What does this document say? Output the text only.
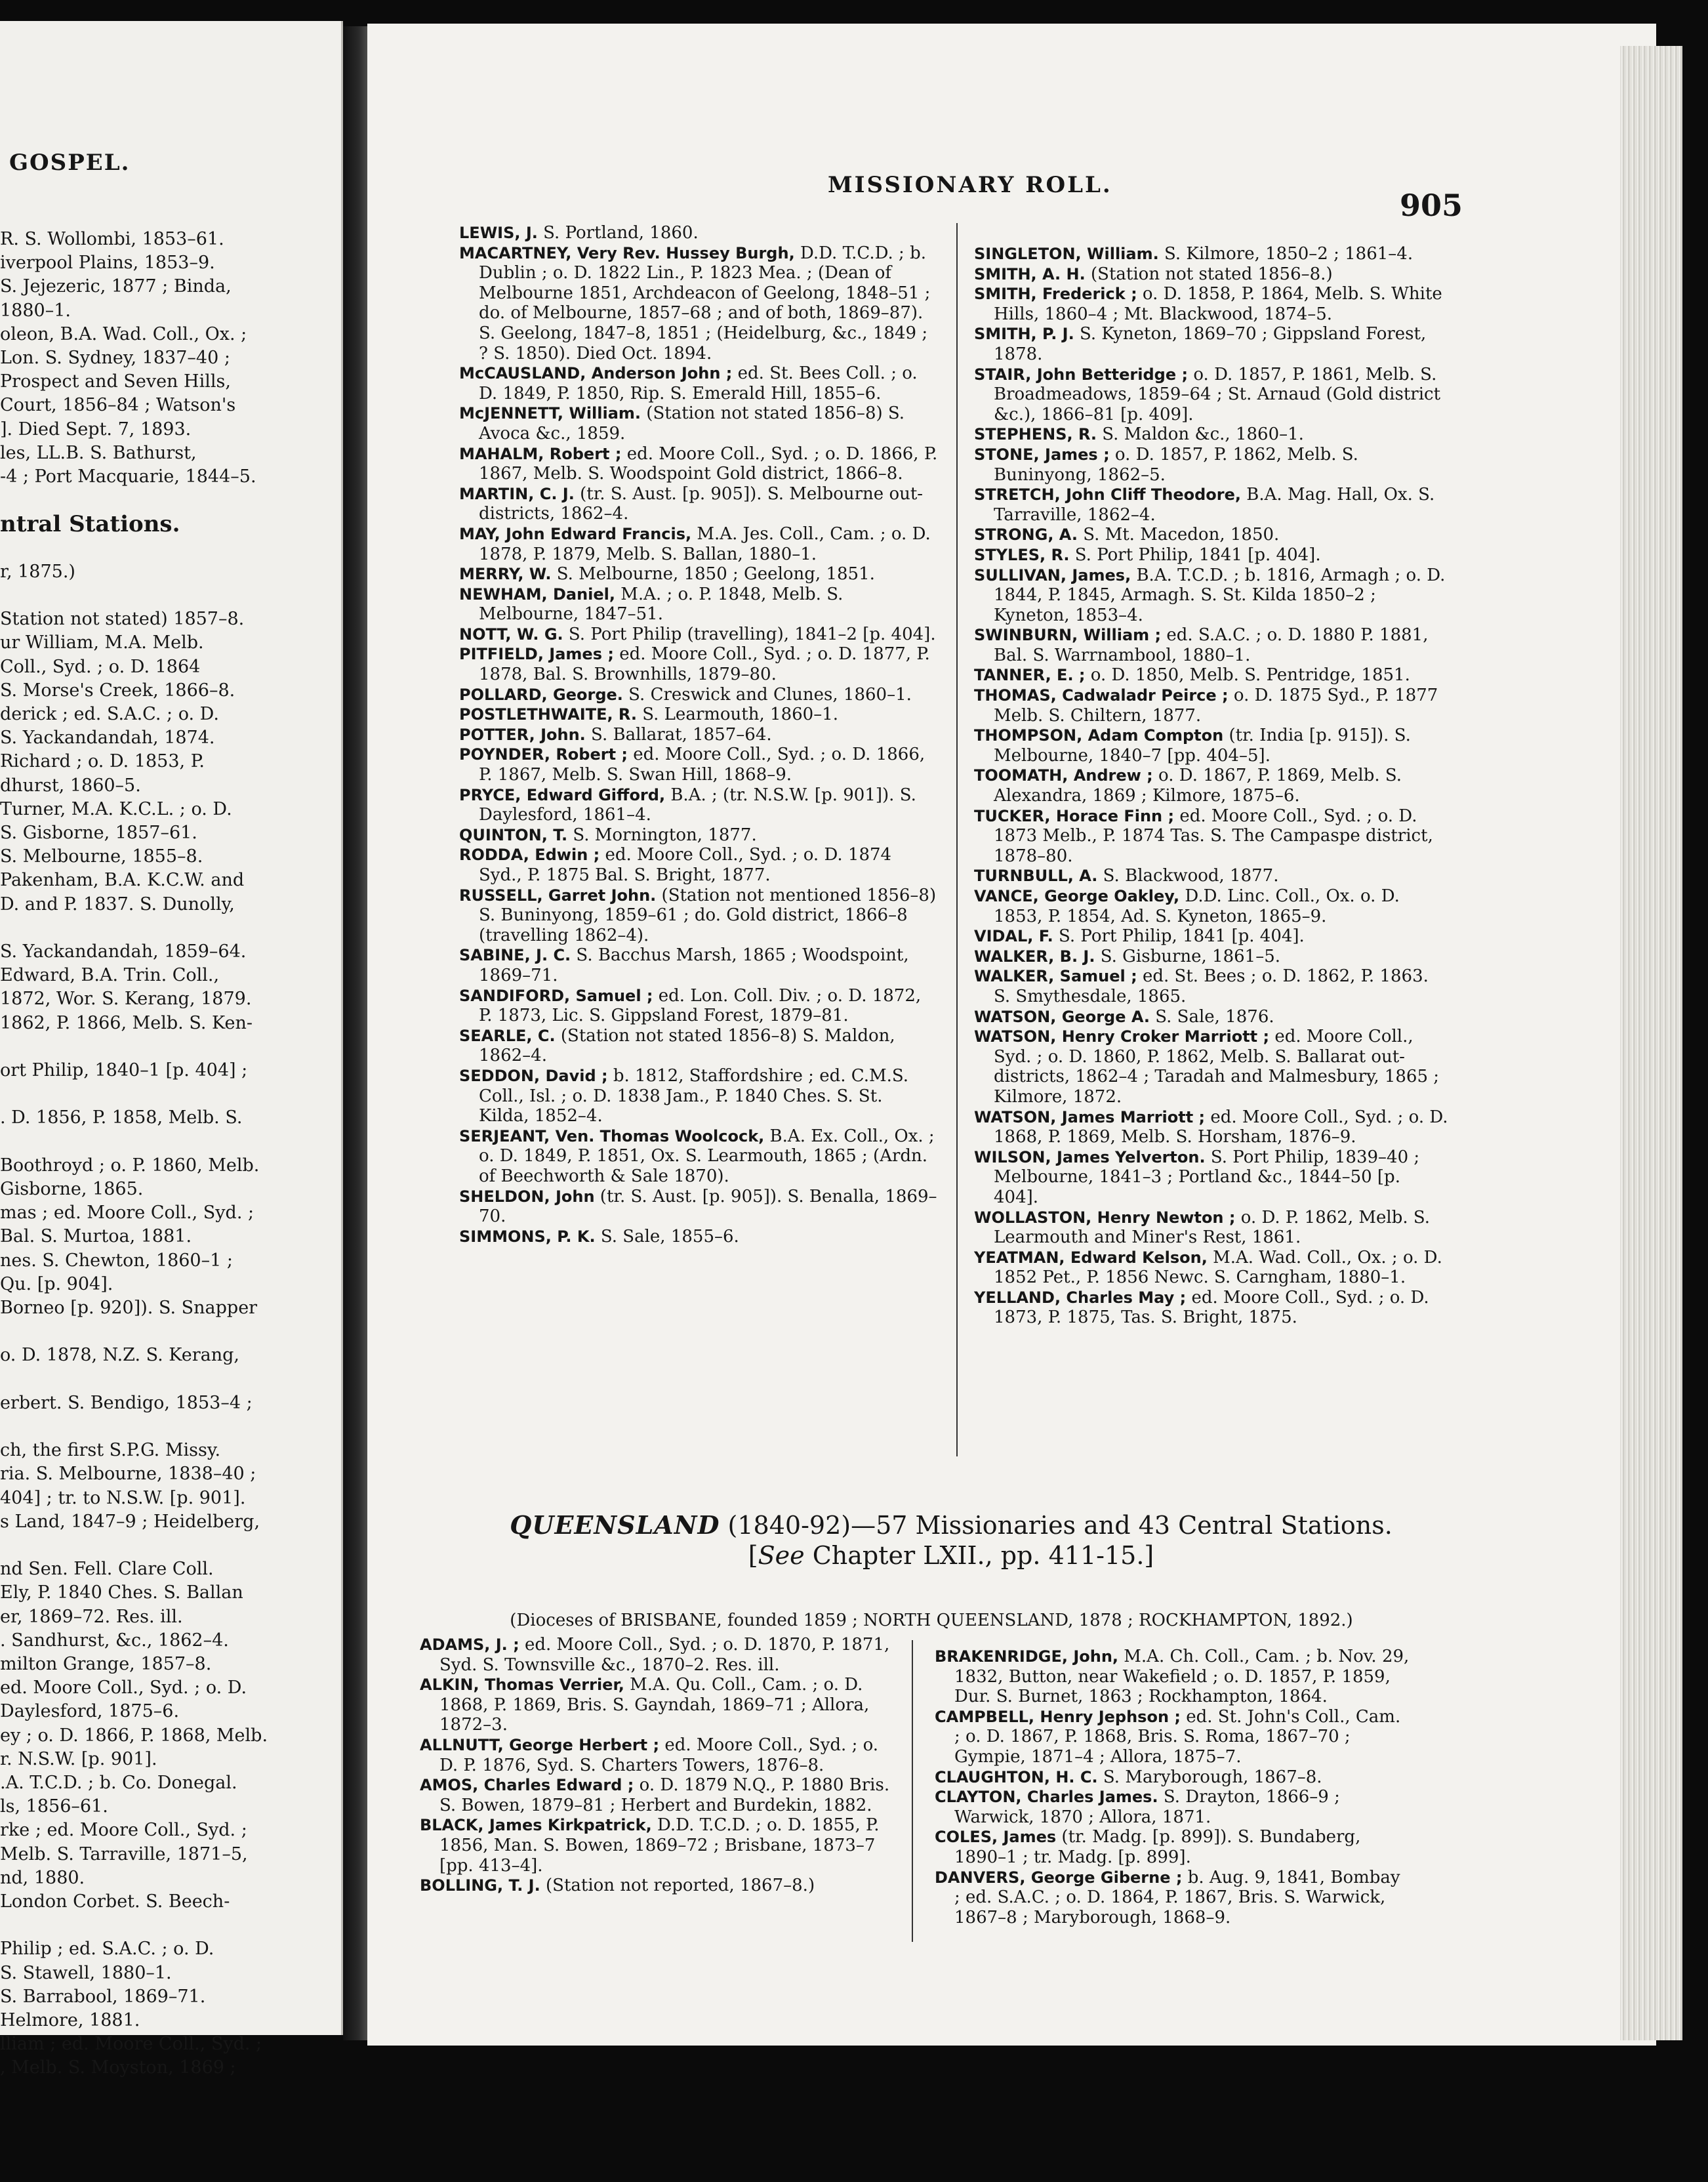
GOSPEL.
R. S. Wollombi, 1853–61.
iverpool Plains, 1853–9.
S. Jejezeric, 1877 ; Binda,
1880–1.
oleon, B.A. Wad. Coll., Ox. ;
Lon. S. Sydney, 1837–40 ;
Prospect and Seven Hills,
Court, 1856–84 ; Watson's
]. Died Sept. 7, 1893.
les, LL.B. S. Bathurst,
-4 ; Port Macquarie, 1844–5.
ntral Stations.
r, 1875.)
Station not stated) 1857–8.
ur William, M.A. Melb.
Coll., Syd. ; o. D. 1864
S. Morse's Creek, 1866–8.
derick ; ed. S.A.C. ; o. D.
S. Yackandandah, 1874.
Richard ; o. D. 1853, P.
dhurst, 1860–5.
Turner, M.A. K.C.L. ; o. D.
S. Gisborne, 1857–61.
S. Melbourne, 1855–8.
Pakenham, B.A. K.C.W. and
D. and P. 1837. S. Dunolly,
S. Yackandandah, 1859–64.
Edward, B.A. Trin. Coll.,
1872, Wor. S. Kerang, 1879.
1862, P. 1866, Melb. S. Ken-
ort Philip, 1840–1 [p. 404] ;
. D. 1856, P. 1858, Melb. S.
Boothroyd ; o. P. 1860, Melb.
Gisborne, 1865.
mas ; ed. Moore Coll., Syd. ;
Bal. S. Murtoa, 1881.
nes. S. Chewton, 1860–1 ;
Qu. [p. 904].
Borneo [p. 920]). S. Snapper
o. D. 1878, N.Z. S. Kerang,
erbert. S. Bendigo, 1853–4 ;
ch, the first S.P.G. Missy.
ria. S. Melbourne, 1838–40 ;
404] ; tr. to N.S.W. [p. 901].
s Land, 1847–9 ; Heidelberg,
nd Sen. Fell. Clare Coll.
Ely, P. 1840 Ches. S. Ballan
er, 1869–72. Res. ill.
. Sandhurst, &c., 1862–4.
milton Grange, 1857–8.
ed. Moore Coll., Syd. ; o. D.
Daylesford, 1875–6.
ey ; o. D. 1866, P. 1868, Melb.
r. N.S.W. [p. 901].
.A. T.C.D. ; b. Co. Donegal.
ls, 1856–61.
rke ; ed. Moore Coll., Syd. ;
Melb. S. Tarraville, 1871–5,
nd, 1880.
London Corbet. S. Beech-
Philip ; ed. S.A.C. ; o. D.
S. Stawell, 1880–1.
S. Barrabool, 1869–71.
Helmore, 1881.
lliam ; ed. Moore Coll., Syd. ;
, Melb. S. Moyston, 1869 ;
MISSIONARY ROLL.
905

LEWIS, J. S. Portland, 1860.

MACARTNEY, Very Rev. Hussey Burgh, D.D. T.C.D. ; b. Dublin ; o. D. 1822 Lin., P. 1823 Mea. ; (Dean of Melbourne 1851, Archdeacon of Geelong, 1848–51 ; do. of Melbourne, 1857–68 ; and of both, 1869–87). S. Geelong, 1847–8, 1851 ; (Heidelburg, &c., 1849 ; ? S. 1850). Died Oct. 1894.

McCAUSLAND, Anderson John ; ed. St. Bees Coll. ; o. D. 1849, P. 1850, Rip. S. Emerald Hill, 1855–6.

McJENNETT, William. (Station not stated 1856–8) S. Avoca &c., 1859.

MAHALM, Robert ; ed. Moore Coll., Syd. ; o. D. 1866, P. 1867, Melb. S. Woodspoint Gold district, 1866–8.

MARTIN, C. J. (tr. S. Aust. [p. 905]). S. Melbourne out-districts, 1862–4.

MAY, John Edward Francis, M.A. Jes. Coll., Cam. ; o. D. 1878, P. 1879, Melb. S. Ballan, 1880–1.

MERRY, W. S. Melbourne, 1850 ; Geelong, 1851.

NEWHAM, Daniel, M.A. ; o. P. 1848, Melb. S. Melbourne, 1847–51.

NOTT, W. G. S. Port Philip (travelling), 1841–2 [p. 404].

PITFIELD, James ; ed. Moore Coll., Syd. ; o. D. 1877, P. 1878, Bal. S. Brownhills, 1879–80.

POLLARD, George. S. Creswick and Clunes, 1860–1.

POSTLETHWAITE, R. S. Learmouth, 1860–1.

POTTER, John. S. Ballarat, 1857–64.

POYNDER, Robert ; ed. Moore Coll., Syd. ; o. D. 1866, P. 1867, Melb. S. Swan Hill, 1868–9.

PRYCE, Edward Gifford, B.A. ; (tr. N.S.W. [p. 901]). S. Daylesford, 1861–4.

QUINTON, T. S. Mornington, 1877.

RODDA, Edwin ; ed. Moore Coll., Syd. ; o. D. 1874 Syd., P. 1875 Bal. S. Bright, 1877.

RUSSELL, Garret John. (Station not mentioned 1856–8) S. Buninyong, 1859–61 ; do. Gold district, 1866–8 (travelling 1862–4).

SABINE, J. C. S. Bacchus Marsh, 1865 ; Woodspoint, 1869–71.

SANDIFORD, Samuel ; ed. Lon. Coll. Div. ; o. D. 1872, P. 1873, Lic. S. Gippsland Forest, 1879–81.

SEARLE, C. (Station not stated 1856–8) S. Maldon, 1862–4.

SEDDON, David ; b. 1812, Staffordshire ; ed. C.M.S. Coll., Isl. ; o. D. 1838 Jam., P. 1840 Ches. S. St. Kilda, 1852–4.

SERJEANT, Ven. Thomas Woolcock, B.A. Ex. Coll., Ox. ; o. D. 1849, P. 1851, Ox. S. Learmouth, 1865 ; (Ardn. of Beechworth & Sale 1870).

SHELDON, John (tr. S. Aust. [p. 905]). S. Benalla, 1869–70.

SIMMONS, P. K. S. Sale, 1855–6.

SINGLETON, William. S. Kilmore, 1850–2 ; 1861–4.

SMITH, A. H. (Station not stated 1856–8.)

SMITH, Frederick ; o. D. 1858, P. 1864, Melb. S. White Hills, 1860–4 ; Mt. Blackwood, 1874–5.

SMITH, P. J. S. Kyneton, 1869–70 ; Gippsland Forest, 1878.

STAIR, John Betteridge ; o. D. 1857, P. 1861, Melb. S. Broadmeadows, 1859–64 ; St. Arnaud (Gold district &c.), 1866–81 [p. 409].

STEPHENS, R. S. Maldon &c., 1860–1.

STONE, James ; o. D. 1857, P. 1862, Melb. S. Buninyong, 1862–5.

STRETCH, John Cliff Theodore, B.A. Mag. Hall, Ox. S. Tarraville, 1862–4.

STRONG, A. S. Mt. Macedon, 1850.

STYLES, R. S. Port Philip, 1841 [p. 404].

SULLIVAN, James, B.A. T.C.D. ; b. 1816, Armagh ; o. D. 1844, P. 1845, Armagh. S. St. Kilda 1850–2 ; Kyneton, 1853–4.

SWINBURN, William ; ed. S.A.C. ; o. D. 1880 P. 1881, Bal. S. Warrnambool, 1880–1.

TANNER, E. ; o. D. 1850, Melb. S. Pentridge, 1851.

THOMAS, Cadwaladr Peirce ; o. D. 1875 Syd., P. 1877 Melb. S. Chiltern, 1877.

THOMPSON, Adam Compton (tr. India [p. 915]). S. Melbourne, 1840–7 [pp. 404–5].

TOOMATH, Andrew ; o. D. 1867, P. 1869, Melb. S. Alexandra, 1869 ; Kilmore, 1875–6.

TUCKER, Horace Finn ; ed. Moore Coll., Syd. ; o. D. 1873 Melb., P. 1874 Tas. S. The Campaspe district, 1878–80.

TURNBULL, A. S. Blackwood, 1877.

VANCE, George Oakley, D.D. Linc. Coll., Ox. o. D. 1853, P. 1854, Ad. S. Kyneton, 1865–9.

VIDAL, F. S. Port Philip, 1841 [p. 404].

WALKER, B. J. S. Gisburne, 1861–5.

WALKER, Samuel ; ed. St. Bees ; o. D. 1862, P. 1863. S. Smythesdale, 1865.

WATSON, George A. S. Sale, 1876.

WATSON, Henry Croker Marriott ; ed. Moore Coll., Syd. ; o. D. 1860, P. 1862, Melb. S. Ballarat out-districts, 1862–4 ; Taradah and Malmesbury, 1865 ; Kilmore, 1872.

WATSON, James Marriott ; ed. Moore Coll., Syd. ; o. D. 1868, P. 1869, Melb. S. Horsham, 1876–9.

WILSON, James Yelverton. S. Port Philip, 1839–40 ; Melbourne, 1841–3 ; Portland &c., 1844–50 [p. 404].

WOLLASTON, Henry Newton ; o. D. P. 1862, Melb. S. Learmouth and Miner's Rest, 1861.

YEATMAN, Edward Kelson, M.A. Wad. Coll., Ox. ; o. D. 1852 Pet., P. 1856 Newc. S. Carngham, 1880–1.

YELLAND, Charles May ; ed. Moore Coll., Syd. ; o. D. 1873, P. 1875, Tas. S. Bright, 1875.

QUEENSLAND (1840-92)—57 Missionaries and 43 Central Stations.
[See Chapter LXII., pp. 411-15.]
(Dioceses of BRISBANE, founded 1859 ; NORTH QUEENSLAND, 1878 ; ROCKHAMPTON, 1892.)

ADAMS, J. ; ed. Moore Coll., Syd. ; o. D. 1870, P. 1871, Syd. S. Townsville &c., 1870–2. Res. ill.

ALKIN, Thomas Verrier, M.A. Qu. Coll., Cam. ; o. D. 1868, P. 1869, Bris. S. Gayndah, 1869–71 ; Allora, 1872–3.

ALLNUTT, George Herbert ; ed. Moore Coll., Syd. ; o. D. P. 1876, Syd. S. Charters Towers, 1876–8.

AMOS, Charles Edward ; o. D. 1879 N.Q., P. 1880 Bris. S. Bowen, 1879–81 ; Herbert and Burdekin, 1882.

BLACK, James Kirkpatrick, D.D. T.C.D. ; o. D. 1855, P. 1856, Man. S. Bowen, 1869–72 ; Brisbane, 1873–7 [pp. 413–4].

BOLLING, T. J. (Station not reported, 1867–8.)

BRAKENRIDGE, John, M.A. Ch. Coll., Cam. ; b. Nov. 29, 1832, Button, near Wakefield ; o. D. 1857, P. 1859, Dur. S. Burnet, 1863 ; Rockhampton, 1864.

CAMPBELL, Henry Jephson ; ed. St. John's Coll., Cam. ; o. D. 1867, P. 1868, Bris. S. Roma, 1867–70 ; Gympie, 1871–4 ; Allora, 1875–7.

CLAUGHTON, H. C. S. Maryborough, 1867–8.

CLAYTON, Charles James. S. Drayton, 1866–9 ; Warwick, 1870 ; Allora, 1871.

COLES, James (tr. Madg. [p. 899]). S. Bundaberg, 1890–1 ; tr. Madg. [p. 899].

DANVERS, George Giberne ; b. Aug. 9, 1841, Bombay ; ed. S.A.C. ; o. D. 1864, P. 1867, Bris. S. Warwick, 1867–8 ; Maryborough, 1868–9.
